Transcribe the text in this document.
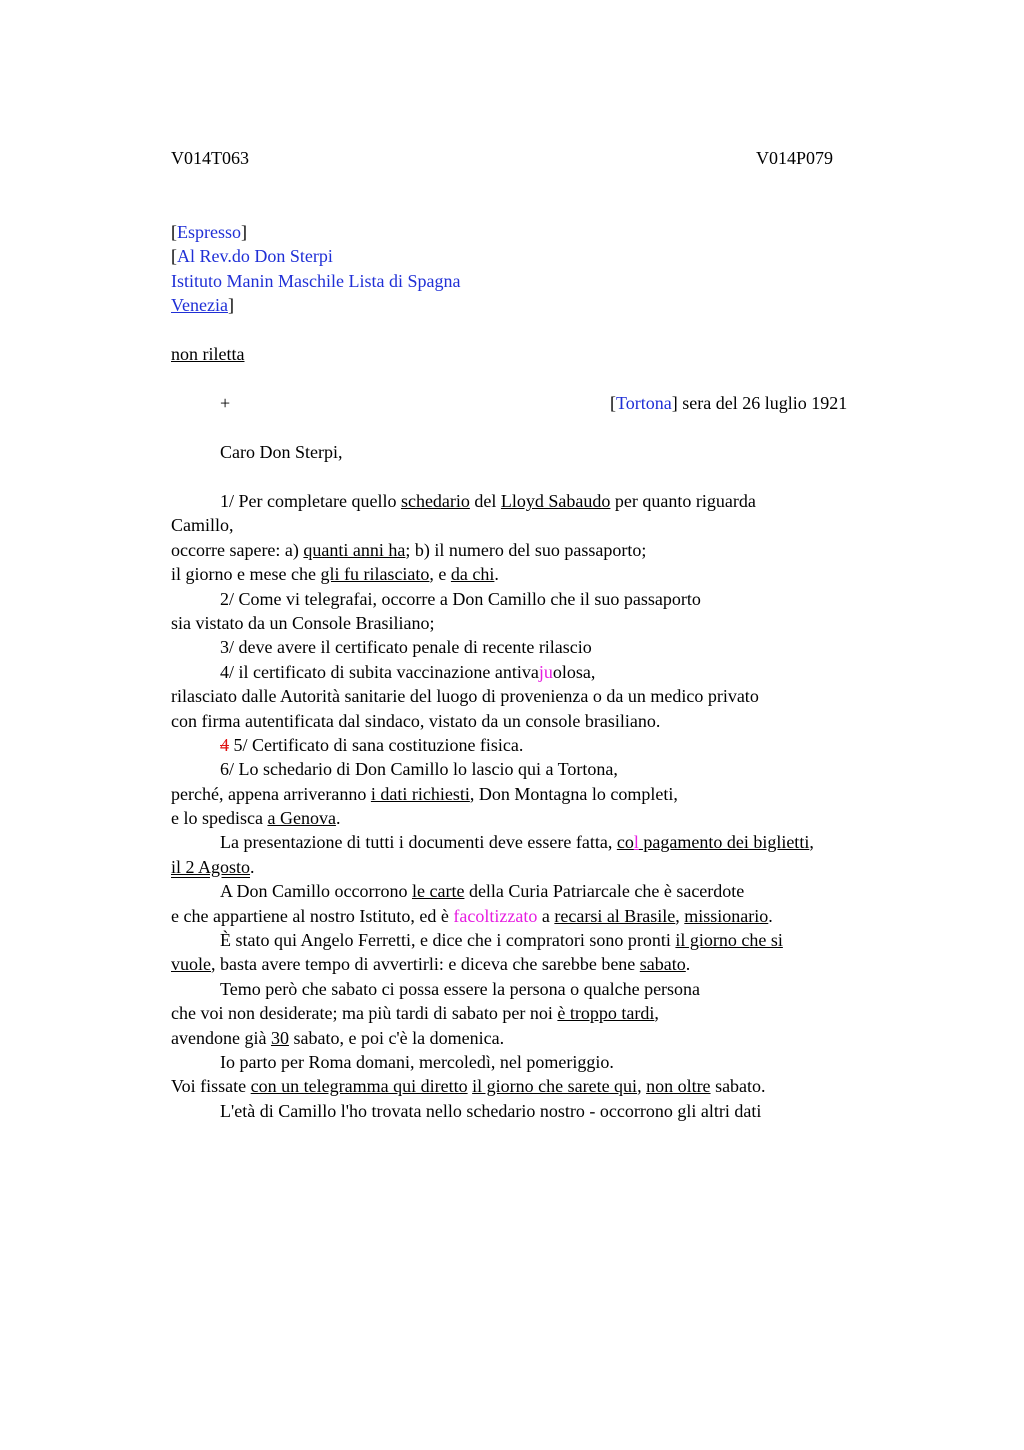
V014T063	V014P079
[Espresso]
[Al Rev.do Don Sterpi
Istituto Manin Maschile Lista di Spagna
Venezia]
non riletta
+	[Tortona] sera del 26 luglio 1921
Caro Don Sterpi,
1/ Per completare quello schedario del Lloyd Sabaudo per quanto riguarda
Camillo,
occorre sapere: a) quanti anni ha; b) il numero del suo passaporto;
il giorno e mese che gli fu rilasciato, e da chi.
2/ Come vi telegrafai, occorre a Don Camillo che il suo passaporto
sia vistato da un Console Brasiliano;
3/ deve avere il certificato penale di recente rilascio
4/ il certificato di subita vaccinazione antivajuolosa,
rilasciato dalle Autorità sanitarie del luogo di provenienza o da un medico privato
con firma autentificata dal sindaco, vistato da un console brasiliano.
4 5/ Certificato di sana costituzione fisica.
6/ Lo schedario di Don Camillo lo lascio qui a Tortona,
perché, appena arriveranno i dati richiesti, Don Montagna lo completi,
e lo spedisca a Genova.
La presentazione di tutti i documenti deve essere fatta, col pagamento dei biglietti,
il 2 Agosto.
A Don Camillo occorrono le carte della Curia Patriarcale che è sacerdote
e che appartiene al nostro Istituto, ed è facoltizzato a recarsi al Brasile, missionario.
È stato qui Angelo Ferretti, e dice che i compratori sono pronti il giorno che si
vuole, basta avere tempo di avvertirli: e diceva che sarebbe bene sabato.
Temo però che sabato ci possa essere la persona o qualche persona
che voi non desiderate; ma più tardi di sabato per noi è troppo tardi,
avendone già 30 sabato, e poi c'è la domenica.
Io parto per Roma domani, mercoledì, nel pomeriggio.
Voi fissate con un telegramma qui diretto il giorno che sarete qui, non oltre sabato.
L'età di Camillo l'ho trovata nello schedario nostro - occorrono gli altri dati
